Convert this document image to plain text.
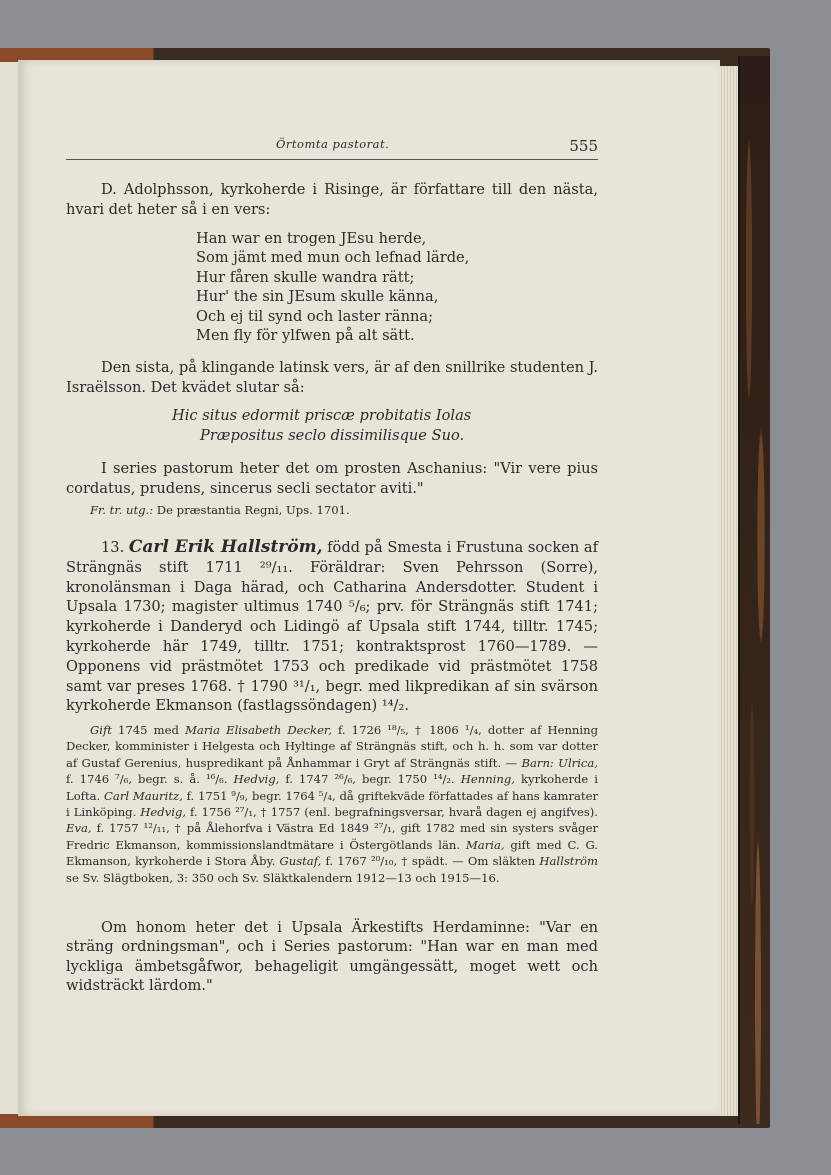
Örtomta pastorat.	555

D. Adolphsson, kyrkoherde i Risinge, är författare till den nästa, hvari det heter så i en vers:

Han war en trogen JEsu herde,
Som jämt med mun och lefnad lärde,
Hur fåren skulle wandra rätt;
Hur' the sin JEsum skulle känna,
Och ej til synd och laster ränna;
Men fly för ylfwen på alt sätt.

Den sista, på klingande latinsk vers, är af den snillrike studenten J. Israëlsson. Det kvädet slutar så:

Hic situs edormit priscæ probitatis Iolas
Præpositus seclo dissimilisque Suo.

I series pastorum heter det om prosten Aschanius: "Vir vere pius cordatus, prudens, sincerus secli sectator aviti."

Fr. tr. utg.: De præstantia Regni, Ups. 1701.

13. Carl Erik Hallström, född på Smesta i Frustuna socken af Strängnäs stift 1711 ²⁹/₁₁. Föräldrar: Sven Pehrsson (Sorre), kronolänsman i Daga härad, och Catharina Andersdotter. Student i Upsala 1730; magister ultimus 1740 ⁵/₆; prv. för Strängnäs stift 1741; kyrkoherde i Danderyd och Lidingö af Upsala stift 1744, tilltr. 1745; kyrkoherde här 1749, tilltr. 1751; kontraktsprost 1760—1789. — Opponens vid prästmötet 1753 och predikade vid prästmötet 1758 samt var preses 1768. † 1790 ³¹/₁, begr. med likpredikan af sin svärson kyrkoherde Ekmanson (fastlagssöndagen) ¹⁴/₂.

Gift 1745 med Maria Elisabeth Decker, f. 1726 ¹⁸/₅, † 1806 ¹/₄, dotter af Henning Decker, komminister i Helgesta och Hyltinge af Strängnäs stift, och h. h. som var dotter af Gustaf Gerenius, huspredikant på Ånhammar i Gryt af Strängnäs stift. — Barn: Ulrica, f. 1746 ⁷/₆, begr. s. å. ¹⁶/₆. Hedvig, f. 1747 ²⁶/₆, begr. 1750 ¹⁴/₂. Henning, kyrkoherde i Lofta. Carl Mauritz, f. 1751 ⁹/₉, begr. 1764 ⁵/₄, då griftekväde författades af hans kamrater i Linköping. Hedvig, f. 1756 ²⁷/₁, † 1757 (enl. begrafningsversar, hvarå dagen ej angifves). Eva, f. 1757 ¹²/₁₁, † på Ålehorfva i Västra Ed 1849 ²⁷/₁, gift 1782 med sin systers svåger Fredric Ekmanson, kommissionslandtmätare i Östergötlands län. Maria, gift med C. G. Ekmanson, kyrkoherde i Stora Åby. Gustaf, f. 1767 ²⁰/₁₀, † spädt. — Om släkten Hallström se Sv. Slägtboken, 3: 350 och Sv. Släktkalendern 1912—13 och 1915—16.

Om honom heter det i Upsala Ärkestifts Herdaminne: "Var en sträng ordningsman", och i Series pastorum: "Han war en man med lyckliga ämbetsgåfwor, behageligit umgängessätt, moget wett och widsträckt lärdom."
